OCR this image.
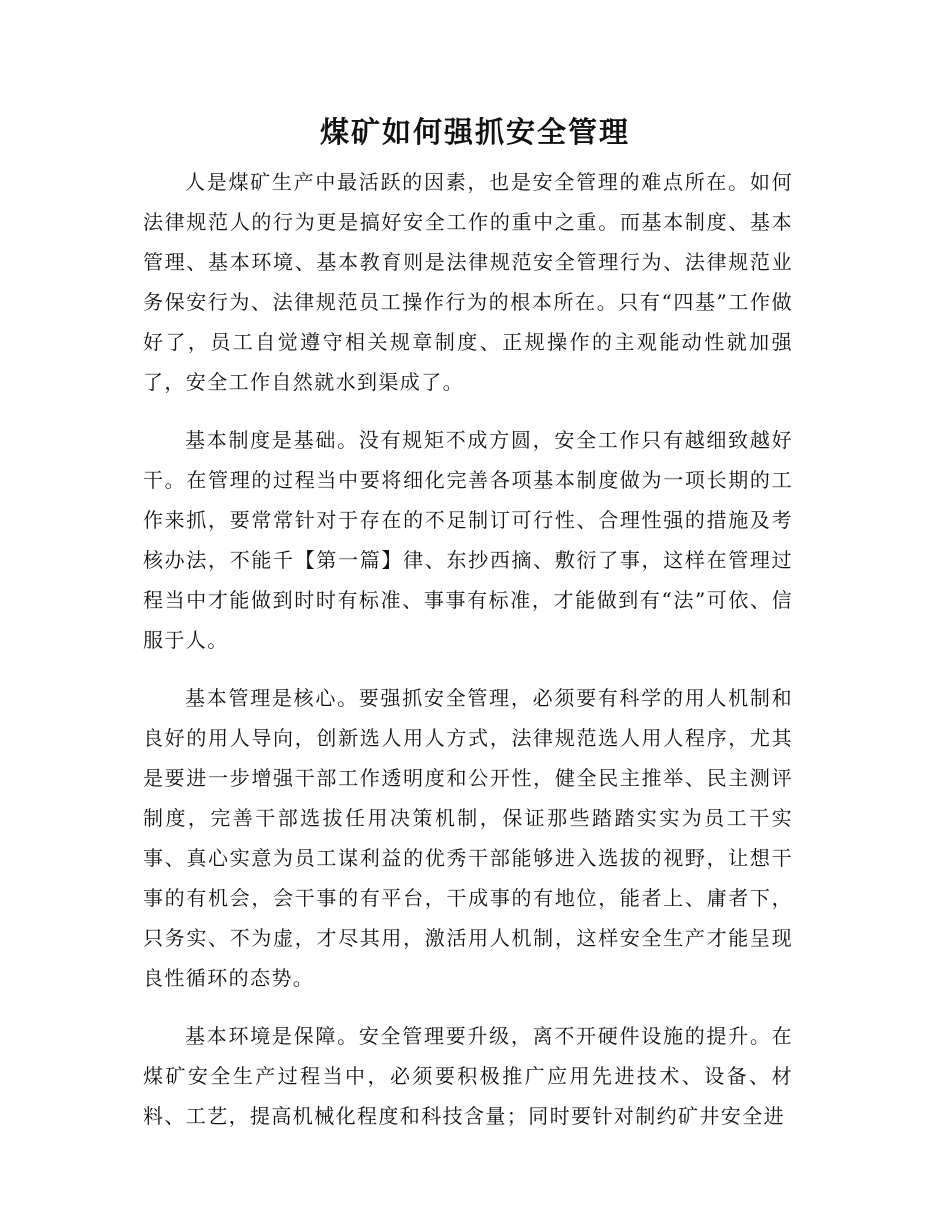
煤矿如何强抓安全管理

人是煤矿生产中最活跃的因素，也是安全管理的难点所在。如何法律规范人的行为更是搞好安全工作的重中之重。而基本制度、基本管理、基本环境、基本教育则是法律规范安全管理行为、法律规范业务保安行为、法律规范员工操作行为的根本所在。只有“四基”工作做好了，员工自觉遵守相关规章制度、正规操作的主观能动性就加强了，安全工作自然就水到渠成了。

基本制度是基础。没有规矩不成方圆，安全工作只有越细致越好干。在管理的过程当中要将细化完善各项基本制度做为一项长期的工作来抓，要常常针对于存在的不足制订可行性、合理性强的措施及考核办法，不能千【第一篇】律、东抄西摘、敷衍了事，这样在管理过程当中才能做到时时有标准、事事有标准，才能做到有“法”可依、信服于人。

基本管理是核心。要强抓安全管理，必须要有科学的用人机制和良好的用人导向，创新选人用人方式，法律规范选人用人程序，尤其是要进一步增强干部工作透明度和公开性，健全民主推举、民主测评制度，完善干部选拔任用决策机制，保证那些踏踏实实为员工干实事、真心实意为员工谋利益的优秀干部能够进入选拔的视野，让想干事的有机会，会干事的有平台，干成事的有地位，能者上、庸者下，只务实、不为虚，才尽其用，激活用人机制，这样安全生产才能呈现良性循环的态势。

基本环境是保障。安全管理要升级，离不开硬件设施的提升。在煤矿安全生产过程当中，必须要积极推广应用先进技术、设备、材料、工艺，提高机械化程度和科技含量；同时要针对制约矿井安全进
